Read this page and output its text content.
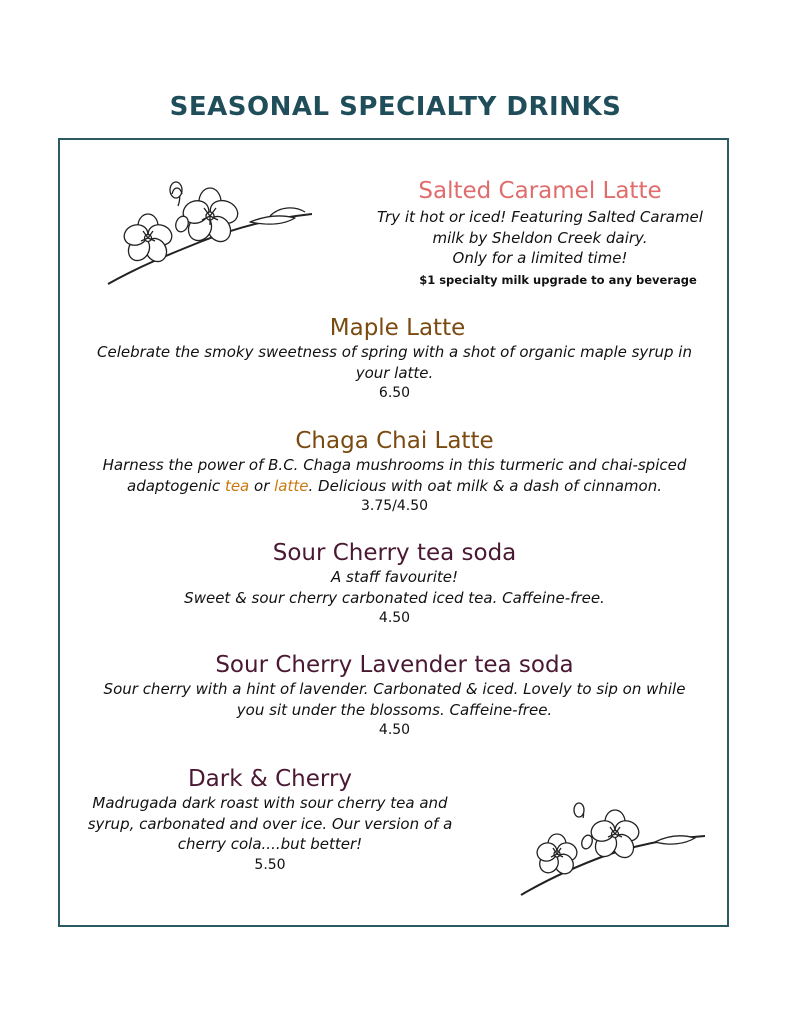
SEASONAL SPECIALTY DRINKS

Salted Caramel Latte

Try it hot or iced! Featuring Salted Caramel
milk by Sheldon Creek dairy.
Only for a limited time!

$1 specialty milk upgrade to any beverage

Maple Latte

Celebrate the smoky sweetness of spring with a shot of organic maple syrup in
your latte.

6.50

Chaga Chai Latte

Harness the power of B.C. Chaga mushrooms in this turmeric and chai-spiced
adaptogenic tea or latte. Delicious with oat milk & a dash of cinnamon.

3.75/4.50

Sour Cherry tea soda

A staff favourite!
Sweet & sour cherry carbonated iced tea. Caffeine-free.

4.50

Sour Cherry Lavender tea soda

Sour cherry with a hint of lavender. Carbonated & iced. Lovely to sip on while
you sit under the blossoms. Caffeine-free.

4.50

Dark & Cherry

Madrugada dark roast with sour cherry tea and
syrup, carbonated and over ice. Our version of a
cherry cola....but better!

5.50
